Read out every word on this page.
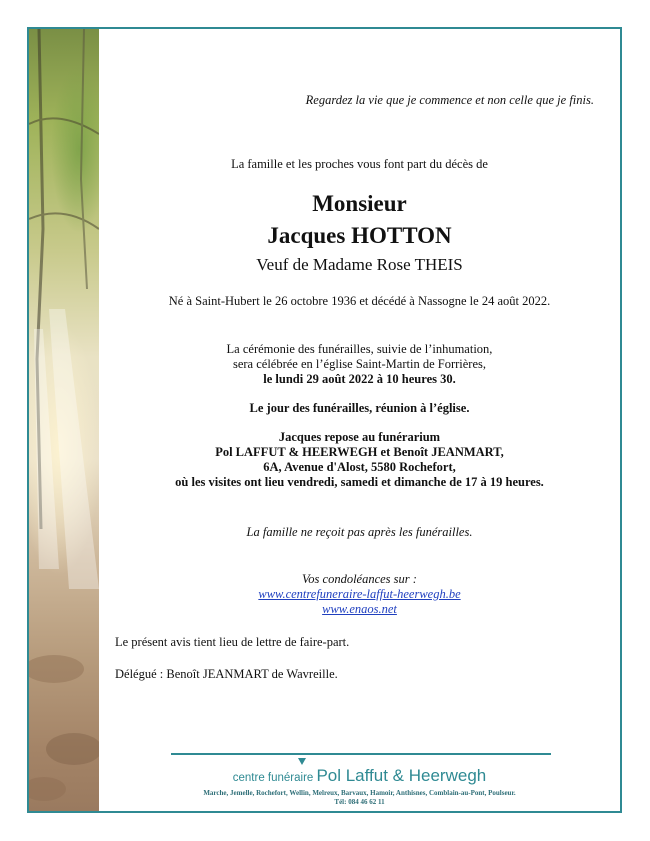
Regardez la vie que je commence et non celle que je finis.

La famille et les proches vous font part du décès de

Monsieur

Jacques HOTTON

Veuf de Madame Rose THEIS

Né à Saint-Hubert le 26 octobre 1936 et décédé à Nassogne le 24 août 2022.

La cérémonie des funérailles, suivie de l’inhumation,

sera célébrée en l’église Saint-Martin de Forrières,

le lundi 29 août 2022 à 10 heures 30.

Le jour des funérailles, réunion à l’église.

Jacques repose au funérarium

Pol LAFFUT & HEERWEGH et Benoît JEANMART,

6A, Avenue d'Alost, 5580 Rochefort,

où les visites ont lieu vendredi, samedi et dimanche de 17 à 19 heures.

La famille ne reçoit pas après les funérailles.

Vos condoléances sur :

www.centrefuneraire-laffut-heerwegh.be

www.enaos.net

Le présent avis tient lieu de lettre de faire-part.

Délégué : Benoît JEANMART de Wavreille.

centre funéraire Pol Laffut & Heerwegh

Marche, Jemelle, Rochefort, Wellin, Melreux, Barvaux, Hamoir, Anthisnes, Comblain-au-Pont, Poulseur.

Tél: 084 46 62 11
